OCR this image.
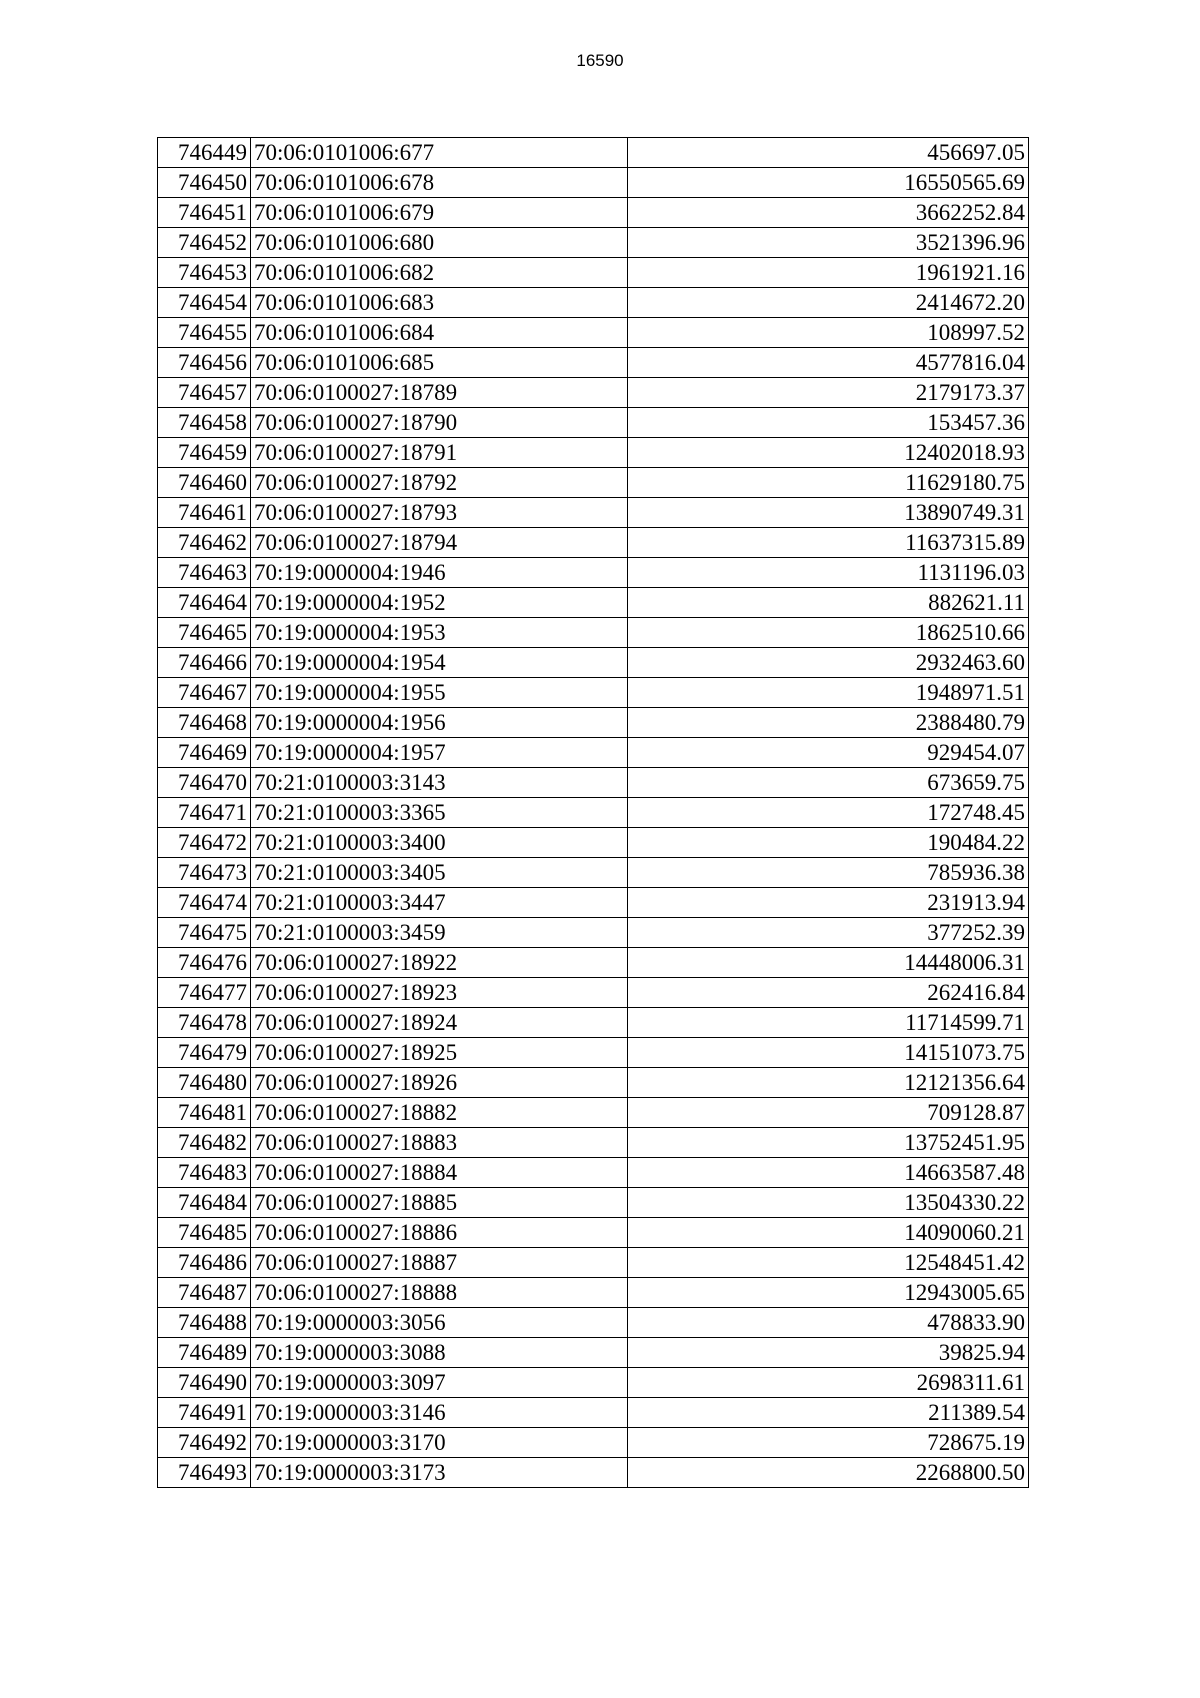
16590
746449	70:06:0101006:677	456697.05
746450	70:06:0101006:678	16550565.69
746451	70:06:0101006:679	3662252.84
746452	70:06:0101006:680	3521396.96
746453	70:06:0101006:682	1961921.16
746454	70:06:0101006:683	2414672.20
746455	70:06:0101006:684	108997.52
746456	70:06:0101006:685	4577816.04
746457	70:06:0100027:18789	2179173.37
746458	70:06:0100027:18790	153457.36
746459	70:06:0100027:18791	12402018.93
746460	70:06:0100027:18792	11629180.75
746461	70:06:0100027:18793	13890749.31
746462	70:06:0100027:18794	11637315.89
746463	70:19:0000004:1946	1131196.03
746464	70:19:0000004:1952	882621.11
746465	70:19:0000004:1953	1862510.66
746466	70:19:0000004:1954	2932463.60
746467	70:19:0000004:1955	1948971.51
746468	70:19:0000004:1956	2388480.79
746469	70:19:0000004:1957	929454.07
746470	70:21:0100003:3143	673659.75
746471	70:21:0100003:3365	172748.45
746472	70:21:0100003:3400	190484.22
746473	70:21:0100003:3405	785936.38
746474	70:21:0100003:3447	231913.94
746475	70:21:0100003:3459	377252.39
746476	70:06:0100027:18922	14448006.31
746477	70:06:0100027:18923	262416.84
746478	70:06:0100027:18924	11714599.71
746479	70:06:0100027:18925	14151073.75
746480	70:06:0100027:18926	12121356.64
746481	70:06:0100027:18882	709128.87
746482	70:06:0100027:18883	13752451.95
746483	70:06:0100027:18884	14663587.48
746484	70:06:0100027:18885	13504330.22
746485	70:06:0100027:18886	14090060.21
746486	70:06:0100027:18887	12548451.42
746487	70:06:0100027:18888	12943005.65
746488	70:19:0000003:3056	478833.90
746489	70:19:0000003:3088	39825.94
746490	70:19:0000003:3097	2698311.61
746491	70:19:0000003:3146	211389.54
746492	70:19:0000003:3170	728675.19
746493	70:19:0000003:3173	2268800.50
